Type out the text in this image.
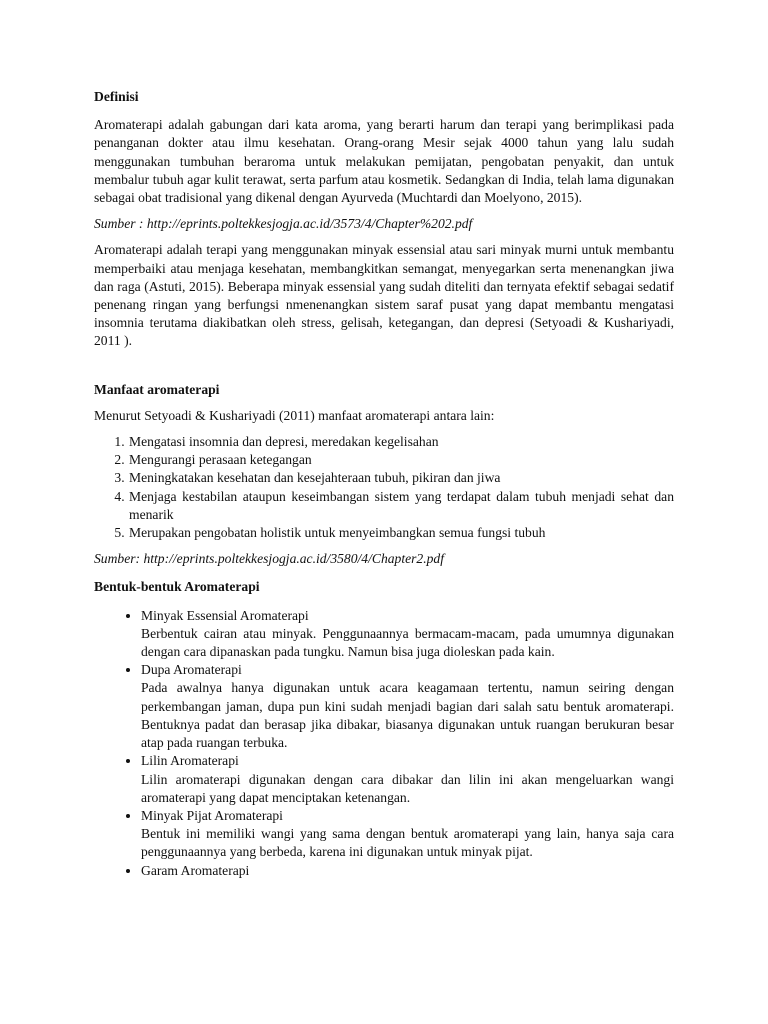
Definisi

Aromaterapi adalah gabungan dari kata aroma, yang berarti harum dan terapi yang berimplikasi pada penanganan dokter atau ilmu kesehatan. Orang-orang Mesir sejak 4000 tahun yang lalu sudah menggunakan tumbuhan beraroma untuk melakukan pemijatan, pengobatan penyakit, dan untuk membalur tubuh agar kulit terawat, serta parfum atau kosmetik. Sedangkan di India, telah lama digunakan sebagai obat tradisional yang dikenal dengan Ayurveda (Muchtardi dan Moelyono, 2015).

Sumber : http://eprints.poltekkesjogja.ac.id/3573/4/Chapter%202.pdf

Aromaterapi adalah terapi yang menggunakan minyak essensial atau sari minyak murni untuk membantu memperbaiki atau menjaga kesehatan, membangkitkan semangat, menyegarkan serta menenangkan jiwa dan raga (Astuti, 2015). Beberapa minyak essensial yang sudah diteliti dan ternyata efektif sebagai sedatif penenang ringan yang berfungsi nmenenangkan sistem saraf pusat yang dapat membantu mengatasi insomnia terutama diakibatkan oleh stress, gelisah, ketegangan, dan depresi (Setyoadi & Kushariyadi, 2011 ).

Manfaat aromaterapi

Menurut Setyoadi & Kushariyadi (2011) manfaat aromaterapi antara lain:

1. Mengatasi insomnia dan depresi, meredakan kegelisahan
2. Mengurangi perasaan ketegangan
3. Meningkatakan kesehatan dan kesejahteraan tubuh, pikiran dan jiwa
4. Menjaga kestabilan ataupun keseimbangan sistem yang terdapat dalam tubuh menjadi sehat dan menarik
5. Merupakan pengobatan holistik untuk menyeimbangkan semua fungsi tubuh

Sumber: http://eprints.poltekkesjogja.ac.id/3580/4/Chapter2.pdf

Bentuk-bentuk Aromaterapi
• Minyak Essensial Aromaterapi
Berbentuk cairan atau minyak. Penggunaannya bermacam-macam, pada umumnya digunakan dengan cara dipanaskan pada tungku. Namun bisa juga dioleskan pada kain.
• Dupa Aromaterapi
Pada awalnya hanya digunakan untuk acara keagamaan tertentu, namun seiring dengan perkembangan jaman, dupa pun kini sudah menjadi bagian dari salah satu bentuk aromaterapi. Bentuknya padat dan berasap jika dibakar, biasanya digunakan untuk ruangan berukuran besar atap pada ruangan terbuka.
• Lilin Aromaterapi
Lilin aromaterapi digunakan dengan cara dibakar dan lilin ini akan mengeluarkan wangi aromaterapi yang dapat menciptakan ketenangan.
• Minyak Pijat Aromaterapi
Bentuk ini memiliki wangi yang sama dengan bentuk aromaterapi yang lain, hanya saja cara penggunaannya yang berbeda, karena ini digunakan untuk minyak pijat.
• Garam Aromaterapi
